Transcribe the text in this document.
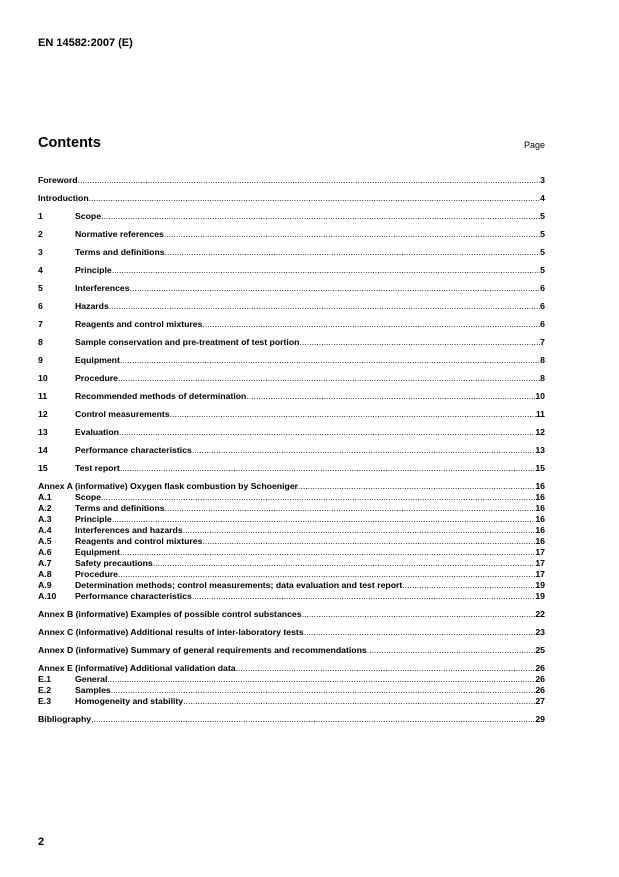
EN 14582:2007 (E)
Contents	Page
Foreword .....	3
Introduction .....	4
1	Scope .....	5
2	Normative references .....	5
3	Terms and definitions .....	5
4	Principle .....	5
5	Interferences .....	6
6	Hazards .....	6
7	Reagents and control mixtures .....	6
8	Sample conservation and pre-treatment of test portion .....	7
9	Equipment .....	8
10	Procedure .....	8
11	Recommended methods of determination .....	10
12	Control measurements .....	11
13	Evaluation .....	12
14	Performance characteristics .....	13
15	Test report .....	15
Annex A (informative) Oxygen flask combustion by Schoeniger .....	16
A.1	Scope .....	16
A.2	Terms and definitions .....	16
A.3	Principle .....	16
A.4	Interferences and hazards .....	16
A.5	Reagents and control mixtures .....	16
A.6	Equipment .....	17
A.7	Safety precautions .....	17
A.8	Procedure .....	17
A.9	Determination methods; control measurements; data evaluation and test report .....	19
A.10	Performance characteristics .....	19
Annex B (informative) Examples of possible control substances .....	22
Annex C (informative) Additional results of inter-laboratory tests .....	23
Annex D (informative) Summary of general requirements and recommendations .....	25
Annex E (informative) Additional validation data .....	26
E.1	General .....	26
E.2	Samples .....	26
E.3	Homogeneity and stability .....	27
Bibliography .....	29
2
